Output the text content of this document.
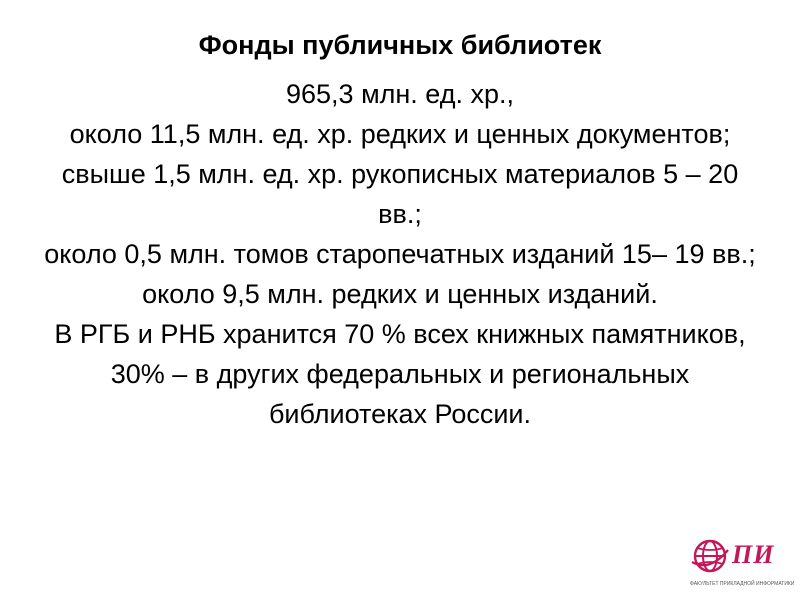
Фонды публичных библиотек

965,3 млн. ед. хр.,

около 11,5 млн. ед. хр. редких и ценных документов;

свыше 1,5 млн. ед. хр. рукописных материалов 5 – 20 вв.;

около 0,5 млн. томов старопечатных изданий 15– 19 вв.;

около 9,5 млн. редких и ценных изданий.

В РГБ и РНБ хранится 70 % всех книжных памятников, 30% – в других федеральных и региональных библиотеках России.

ПИ
ФАКУЛЬТЕТ ПРИКЛАДНОЙ ИНФОРМАТИКИ
